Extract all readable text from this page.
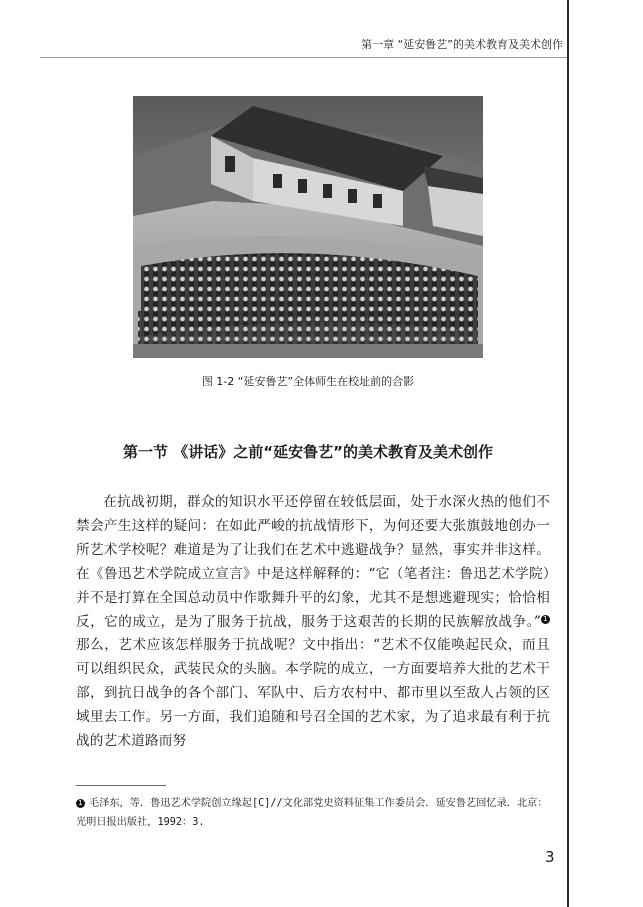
第一章 “延安鲁艺”的美术教育及美术创作
图 1-2 “延安鲁艺”全体师生在校址前的合影
第一节 《讲话》之前“延安鲁艺”的美术教育及美术创作

在抗战初期，群众的知识水平还停留在较低层面，处于水深火热的他们不禁会产生这样的疑问：在如此严峻的抗战情形下，为何还要大张旗鼓地创办一所艺术学校呢？难道是为了让我们在艺术中逃避战争？显然，事实并非这样。在《鲁迅艺术学院成立宣言》中是这样解释的：“它（笔者注：鲁迅艺术学院）并不是打算在全国总动员中作歌舞升平的幻象，尤其不是想逃避现实；恰恰相反，它的成立，是为了服务于抗战，服务于这艰苦的长期的民族解放战争。” 1那么，艺术应该怎样服务于抗战呢？文中指出：“艺术不仅能唤起民众，而且可以组织民众，武装民众的头脑。本学院的成立，一方面要培养大批的艺术干部，到抗日战争的各个部门、军队中、后方农村中、都市里以至敌人占领的区域里去工作。另一方面，我们追随和号召全国的艺术家，为了追求最有利于抗战的艺术道路而努

1 毛泽东，等．鲁迅艺术学院创立缘起[C]//文化部党史资料征集工作委员会．延安鲁艺回忆录．北京：光明日报出版社，1992：3.
3
